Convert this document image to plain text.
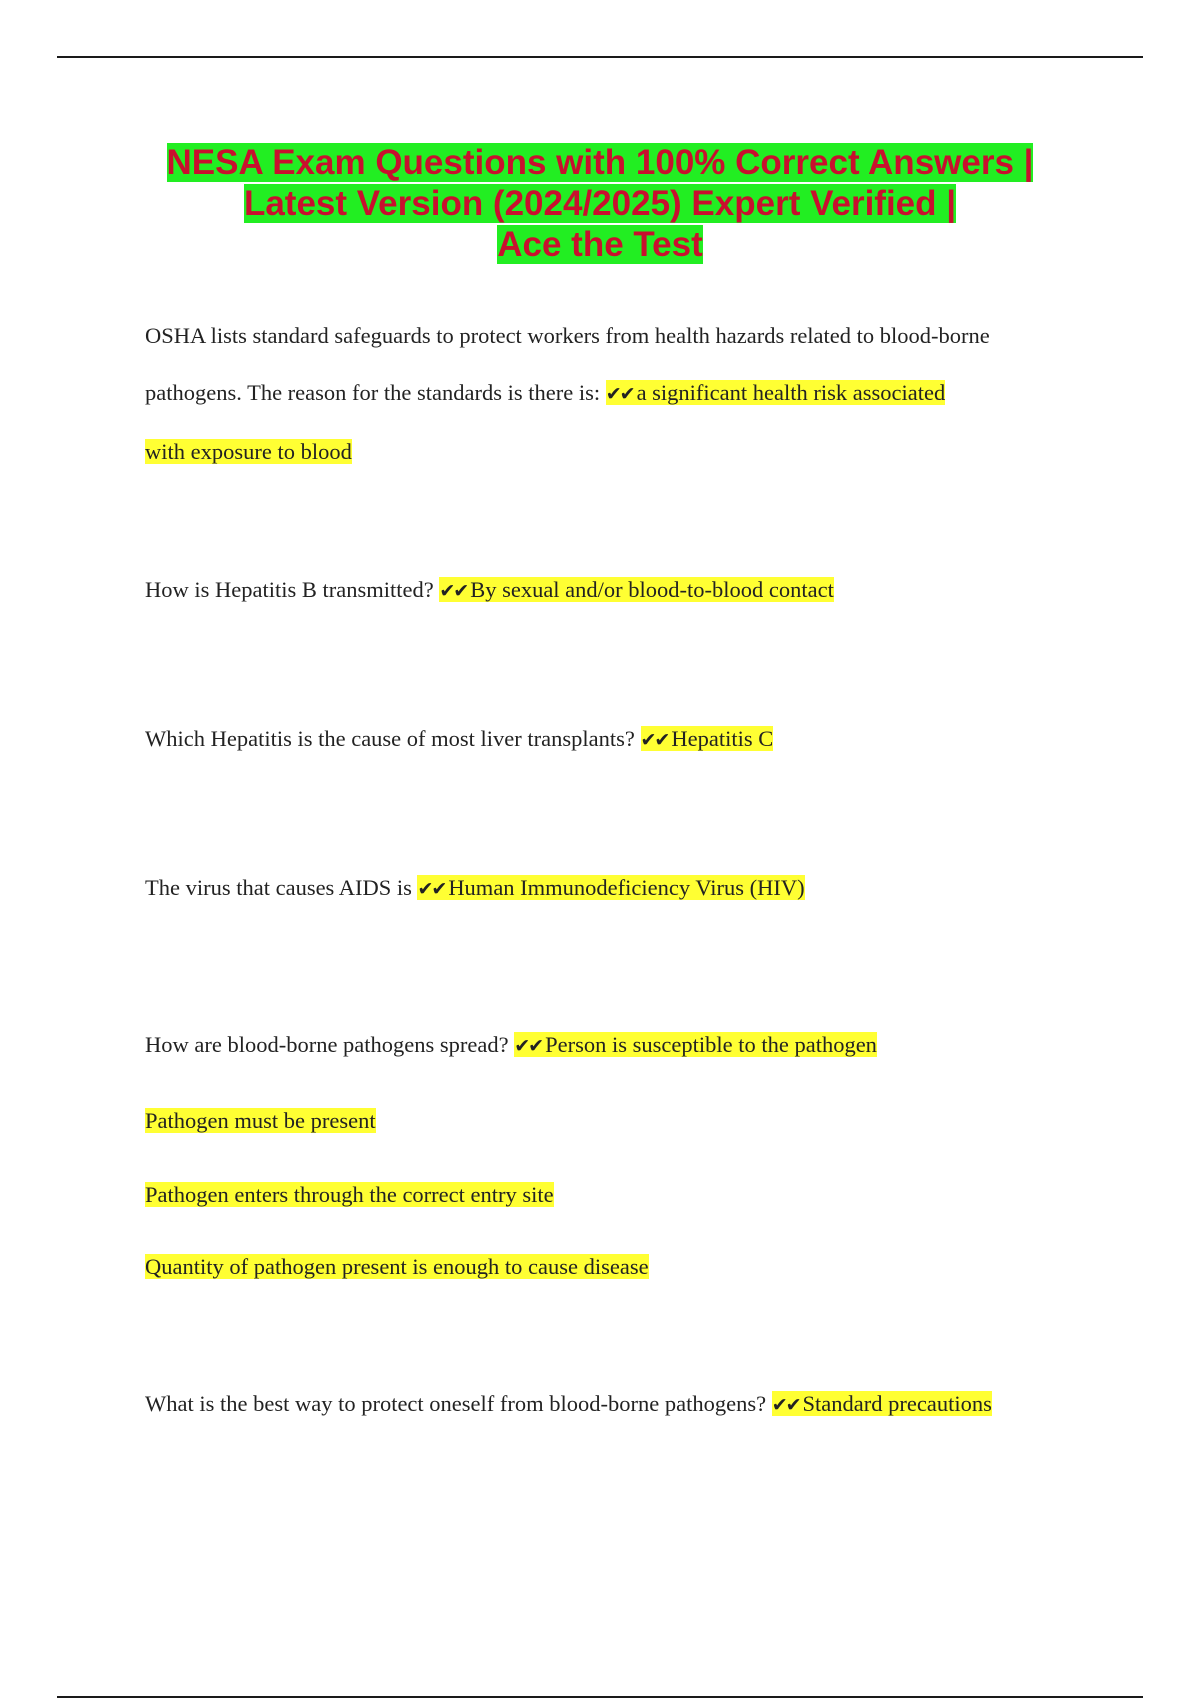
NESA Exam Questions with 100% Correct Answers |
Latest Version (2024/2025) Expert Verified |
Ace the Test

OSHA lists standard safeguards to protect workers from health hazards related to blood-borne
pathogens. The reason for the standards is there is: ✔✔ a significant health risk associated
with exposure to blood

How is Hepatitis B transmitted? ✔✔ By sexual and/or blood-to-blood contact

Which Hepatitis is the cause of most liver transplants? ✔✔ Hepatitis C

The virus that causes AIDS is ✔✔ Human Immunodeficiency Virus (HIV)

How are blood-borne pathogens spread? ✔✔ Person is susceptible to the pathogen
Pathogen must be present
Pathogen enters through the correct entry site
Quantity of pathogen present is enough to cause disease

What is the best way to protect oneself from blood-borne pathogens? ✔✔ Standard precautions
